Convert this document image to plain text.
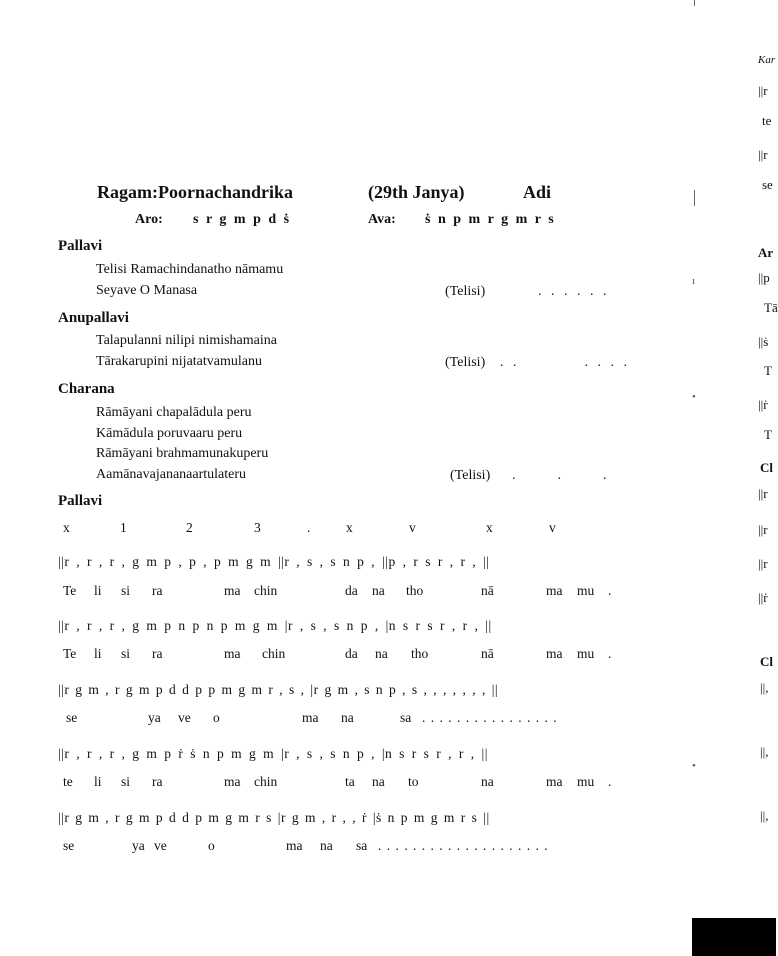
Ragam:Poornachandrika	(29th Janya)	Adi
Aro: s r g m p d ṡ	Ava: ṡ n p m r g m r s
Pallavi
Telisi Ramachindanatho nāmamu
Seyave O Manasa	(Telisi)	. . . . . .
Anupallavi
Talapulanni nilipi nimishamaina
Tārakarupini nijatatvamulanu	(Telisi) . .          . . . .
Charana
Rāmāyani chapalādula peru
Kāmādula poruvaaru peru
Rāmāyani brahmamunakuperu
Aamānavajananaartulateru	(Telisi) .      .      .
Pallavi
x	1	2	3	.	x	v	x	v
||r , r , r , g m p , p , p m g m ||r , s , s n p , ||p , r s r , r , ||
Te li si ra	ma chin	da na tho	nā	ma mu .
||r , r , r , g m p n p n p m g m |r , s , s n p , |n s r s r , r , ||
Te li si ra	ma chin	da na tho	nā	ma mu .
||r g m , r g m p d d p p m g m r , s , |r g m , s n p , s , , , , , , , ||
se	ya ve o	ma na	sa . . . . . . . . . . . . . . . .
||r , r , r , g m p ṙ ṡ n p m g m |r , s , s n p , |n s r s r , r , ||
te li si ra	ma chin	ta na to	na	ma mu .
||r g m , r g m p d d p m g m r s |r g m , r , , ṙ |ṡ n p m g m r s ||
se	ya ve	o	ma na sa . . . . . . . . . . . . . . . . . . . .
Kar
||r
te
||r
se
Ar
||p
Tā
||ṡ
T
||ṙ
T
Cl
||r
||r
||r
||ṙ
Cl
||,
||,
||,
ı
•
•
